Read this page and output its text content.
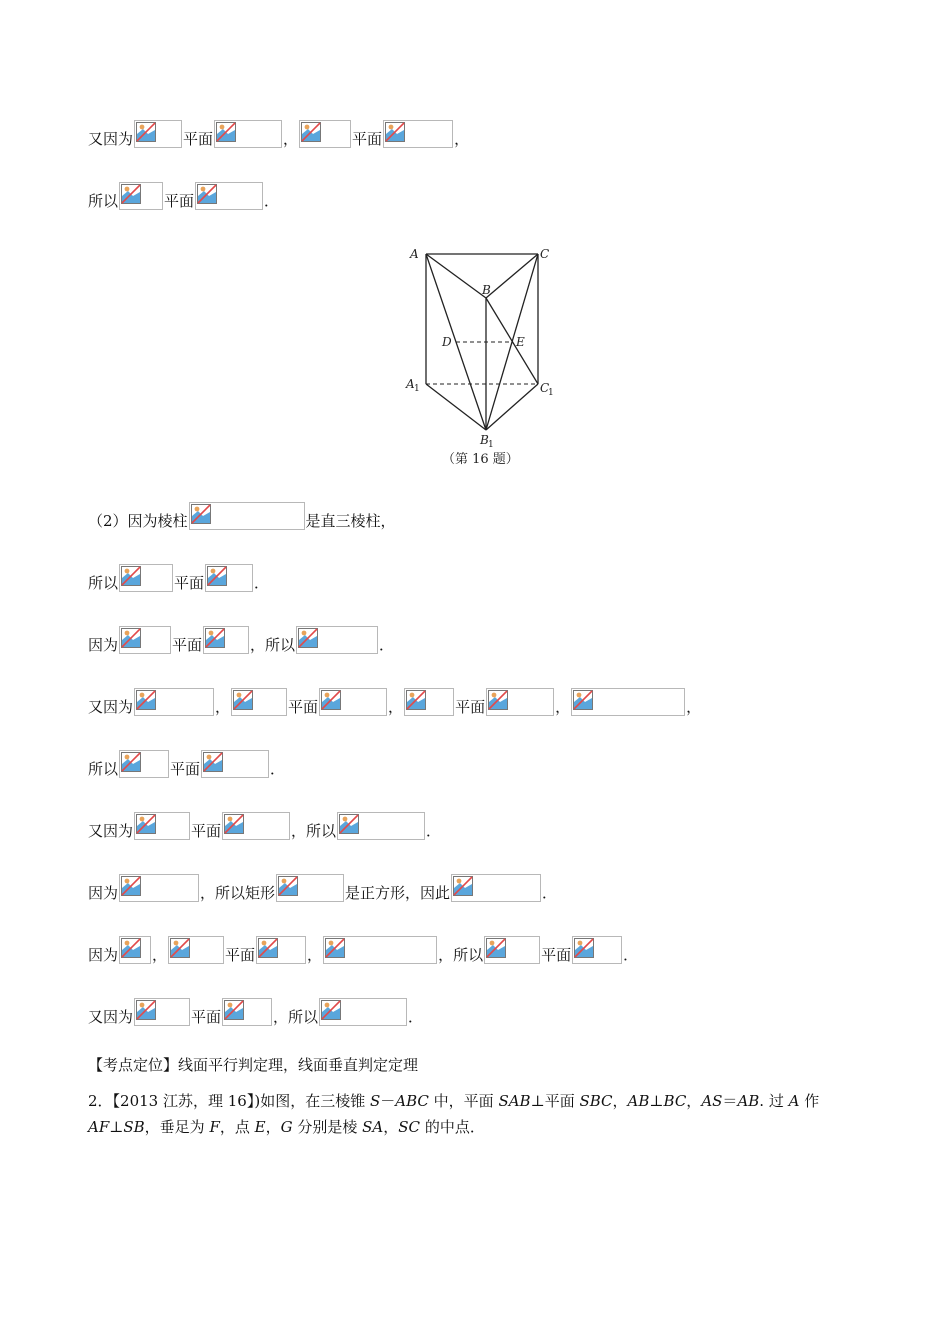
又因为	平面	，	平面	，
所以	平面	．
（2）因为棱柱	是直三棱柱，
所以	平面	．
因为	平面	，所以	．
又因为	，	平面	，	平面	，	，
所以	平面	．
又因为	平面	，所以	．
因为	，所以矩形	是正方形，因此	．
因为 ，	平面	，	，所以	平面	．
又因为	平面	，所以	．
A	C
B
D	E
A	C
B
1	1
1
（第 16 题）
【考点定位】线面平行判定理，线面垂直判定定理
2．【2013 江苏，理 16】)如图，在三棱锥 S－ABC 中，平面 SAB⊥平面 SBC，AB⊥BC，AS＝AB. 过 A 作
AF⊥SB，垂足为 F，点 E，G 分别是棱 SA，SC 的中点．
